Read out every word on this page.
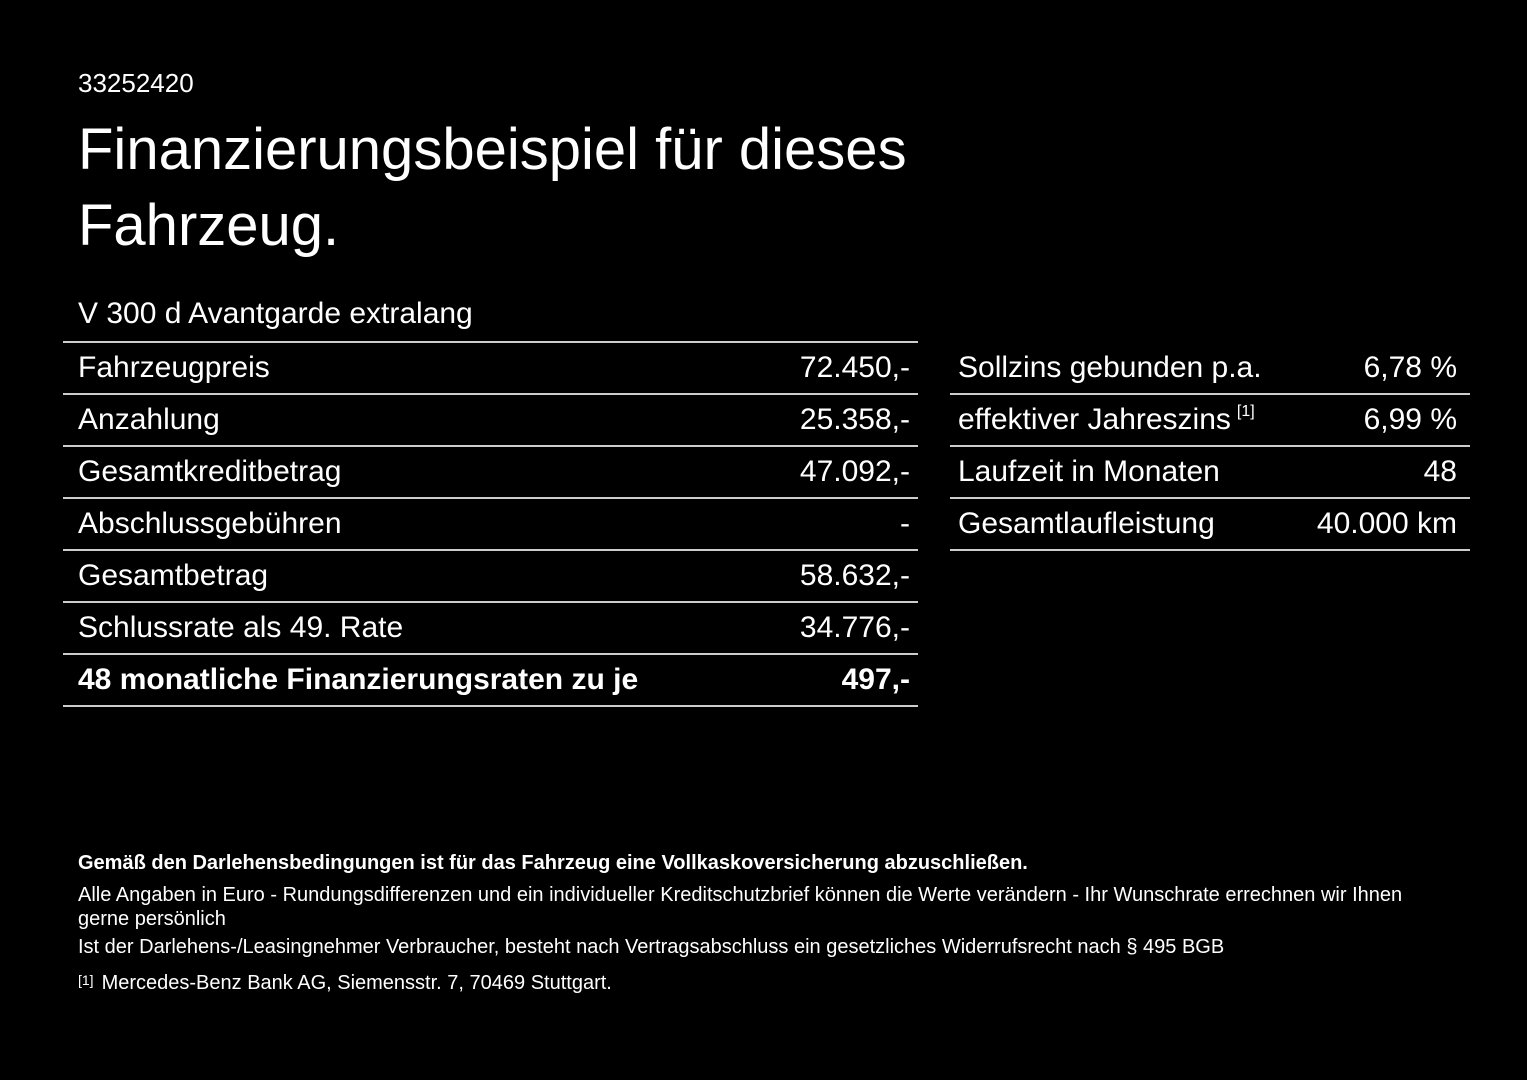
33252420
Finanzierungsbeispiel für dieses
Fahrzeug.
V 300 d Avantgarde extralang
Fahrzeugpreis	72.450,-
Anzahlung	25.358,-
Gesamtkreditbetrag	47.092,-
Abschlussgebühren	-
Gesamtbetrag	58.632,-
Schlussrate als 49. Rate	34.776,-
48 monatliche Finanzierungsraten zu je	497,-
Sollzins gebunden p.a.	6,78 %
effektiver Jahreszins [1]	6,99 %
Laufzeit in Monaten	48
Gesamtlaufleistung	40.000 km
Gemäß den Darlehensbedingungen ist für das Fahrzeug eine Vollkaskoversicherung abzuschließen.
Alle Angaben in Euro - Rundungsdifferenzen und ein individueller Kreditschutzbrief können die Werte verändern - Ihr Wunschrate errechnen wir Ihnen gerne persönlich
Ist der Darlehens-/Leasingnehmer Verbraucher, besteht nach Vertragsabschluss ein gesetzliches Widerrufsrecht nach § 495 BGB
[1] Mercedes-Benz Bank AG, Siemensstr. 7, 70469 Stuttgart.
